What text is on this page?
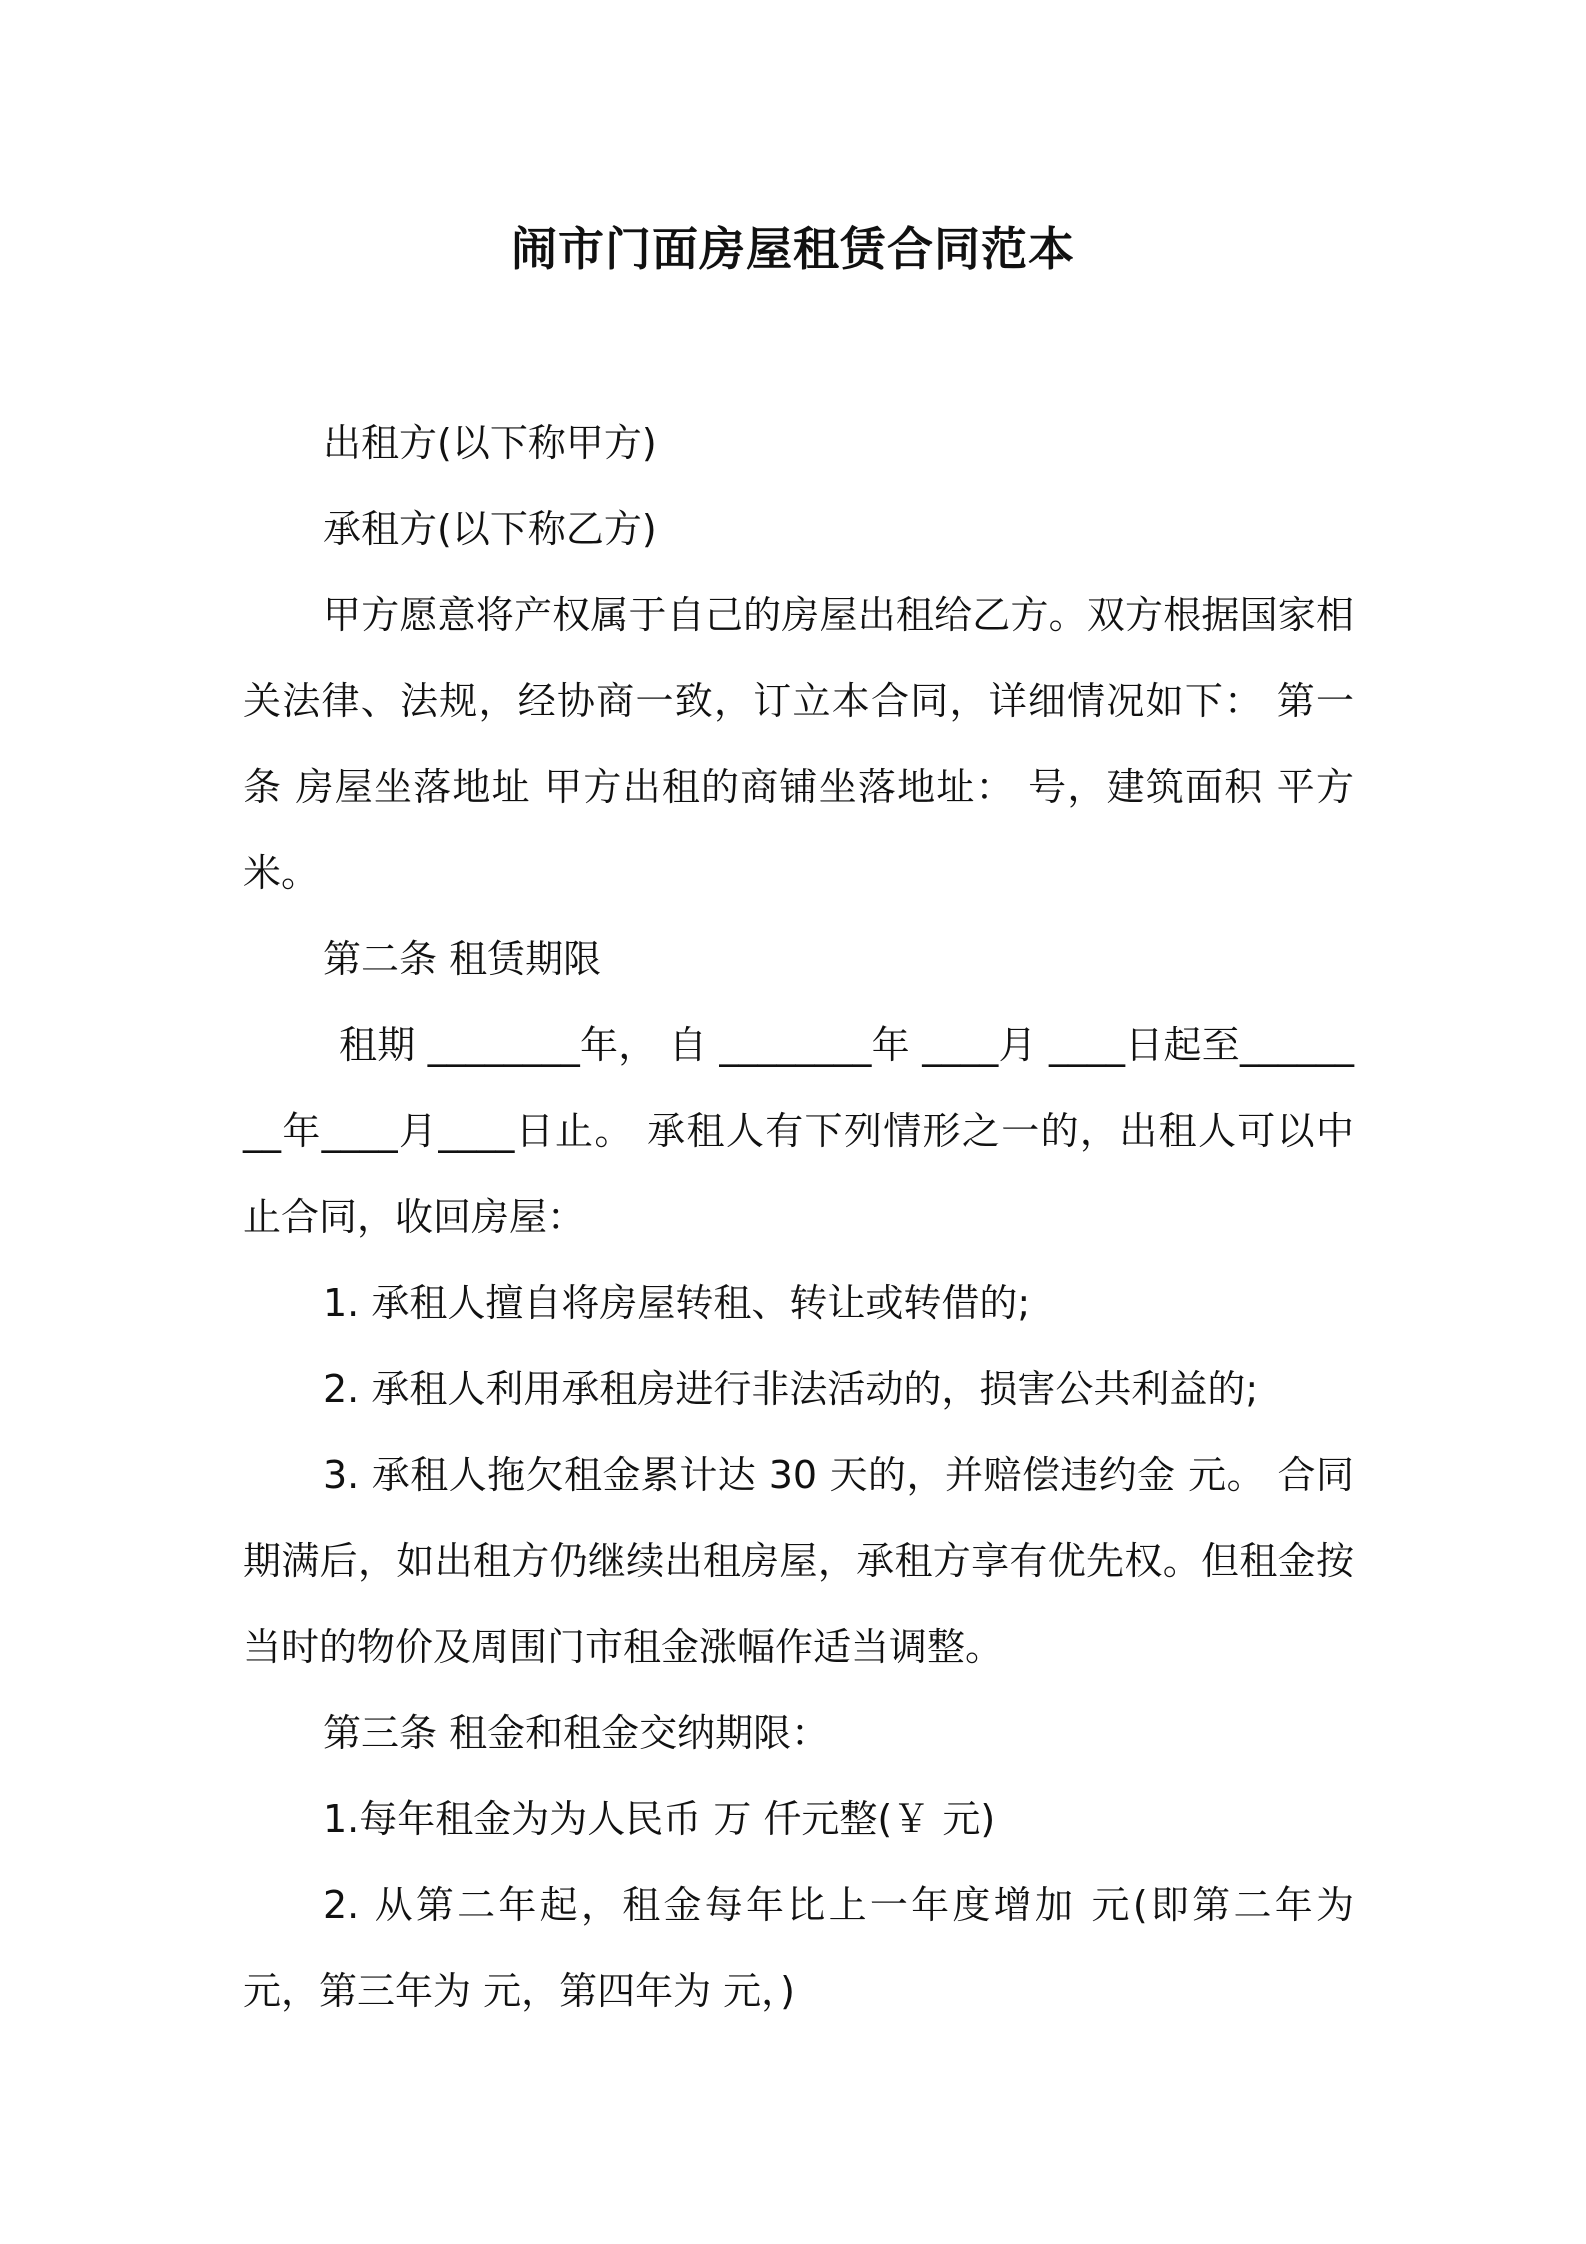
闹市门面房屋租赁合同范本

出租方(以下称甲方)

承租方(以下称乙方)

甲方愿意将产权属于自己的房屋出租给乙方。双方根据国家相关法律、法规，经协商一致，订立本合同，详细情况如下： 第一条 房屋坐落地址 甲方出租的商铺坐落地址： 号，建筑面积 平方米。

第二条 租赁期限

租期 ________年， 自 ________年 ____月 ____日起至________年____月____日止。 承租人有下列情形之一的，出租人可以中止合同，收回房屋：

1. 承租人擅自将房屋转租、转让或转借的;

2. 承租人利用承租房进行非法活动的，损害公共利益的;

3. 承租人拖欠租金累计达 30 天的，并赔偿违约金 元。 合同期满后，如出租方仍继续出租房屋，承租方享有优先权。但租金按当时的物价及周围门市租金涨幅作适当调整。

第三条 租金和租金交纳期限：

1.每年租金为为人民币 万 仟元整(￥ 元)

2. 从第二年起，租金每年比上一年度增加 元(即第二年为 元，第三年为 元，第四年为 元，)
